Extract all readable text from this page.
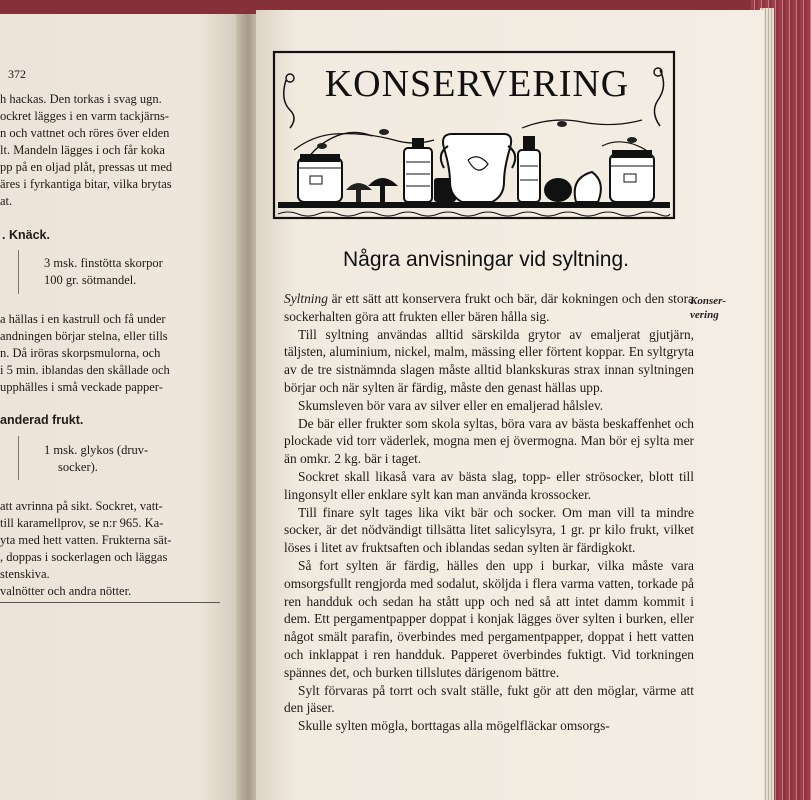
372
h hackas. Den torkas i svag ugn.
ockret lägges i en varm tackjärns-
n och vattnet och röres över elden
lt. Mandeln lägges i och får koka
pp på en oljad plåt, pressas ut med
äres i fyrkantiga bitar, vilka brytas
at.
. Knäck.
3 msk. finstötta skorpor
100 gr. sötmandel.
a hällas i en kastrull och få under
andningen börjar stelna, eller tills
n. Då iröras skorpsmulorna, och
i 5 min. iblandas den skållade och
upphälles i små veckade papper-
anderad frukt.
1 msk. glykos (druv-
socker).
att avrinna på sikt. Sockret, vatt-
till karamellprov, se n:r 965. Ka-
yta med hett vatten. Frukterna sät-
, doppas i sockerlagen och läggas
stenskiva.
valnötter och andra nötter.
KONSERVERING
Några anvisningar vid syltning.
Konser-
vering

Syltning är ett sätt att konservera frukt och bär, där kokningen och den stora sockerhalten göra att frukten eller bären hålla sig.

Till syltning användas alltid särskilda grytor av emaljerat gjutjärn, täljsten, aluminium, nickel, malm, mässing eller förtent koppar. En syltgryta av de tre sistnämnda slagen måste alltid blankskuras strax innan syltningen börjar och när sylten är färdig, måste den genast hällas upp.

Skumsleven bör vara av silver eller en emaljerad hålslev.

De bär eller frukter som skola syltas, böra vara av bästa beskaffenhet och plockade vid torr väderlek, mogna men ej övermogna. Man bör ej sylta mer än omkr. 2 kg. bär i taget.

Sockret skall likaså vara av bästa slag, topp- eller strösocker, blott till lingonsylt eller enklare sylt kan man använda krossocker.

Till finare sylt tages lika vikt bär och socker. Om man vill ta mindre socker, är det nödvändigt tillsätta litet salicylsyra, 1 gr. pr kilo frukt, vilket löses i litet av fruktsaften och iblandas sedan sylten är färdigkokt.

Så fort sylten är färdig, hälles den upp i burkar, vilka måste vara omsorgsfullt rengjorda med sodalut, sköljda i flera varma vatten, torkade på ren handduk och sedan ha stått upp och ned så att intet damm kommit i dem. Ett pergamentpapper doppat i konjak lägges över sylten i burken, eller något smält parafin, överbindes med pergamentpapper, doppat i hett vatten och inklappat i ren handduk. Papperet överbindes fuktigt. Vid torkningen spännes det, och burken tillslutes därigenom bättre.

Sylt förvaras på torrt och svalt ställe, fukt gör att den möglar, värme att den jäser.

Skulle sylten mögla, borttagas alla mögelfläckar omsorgs-
